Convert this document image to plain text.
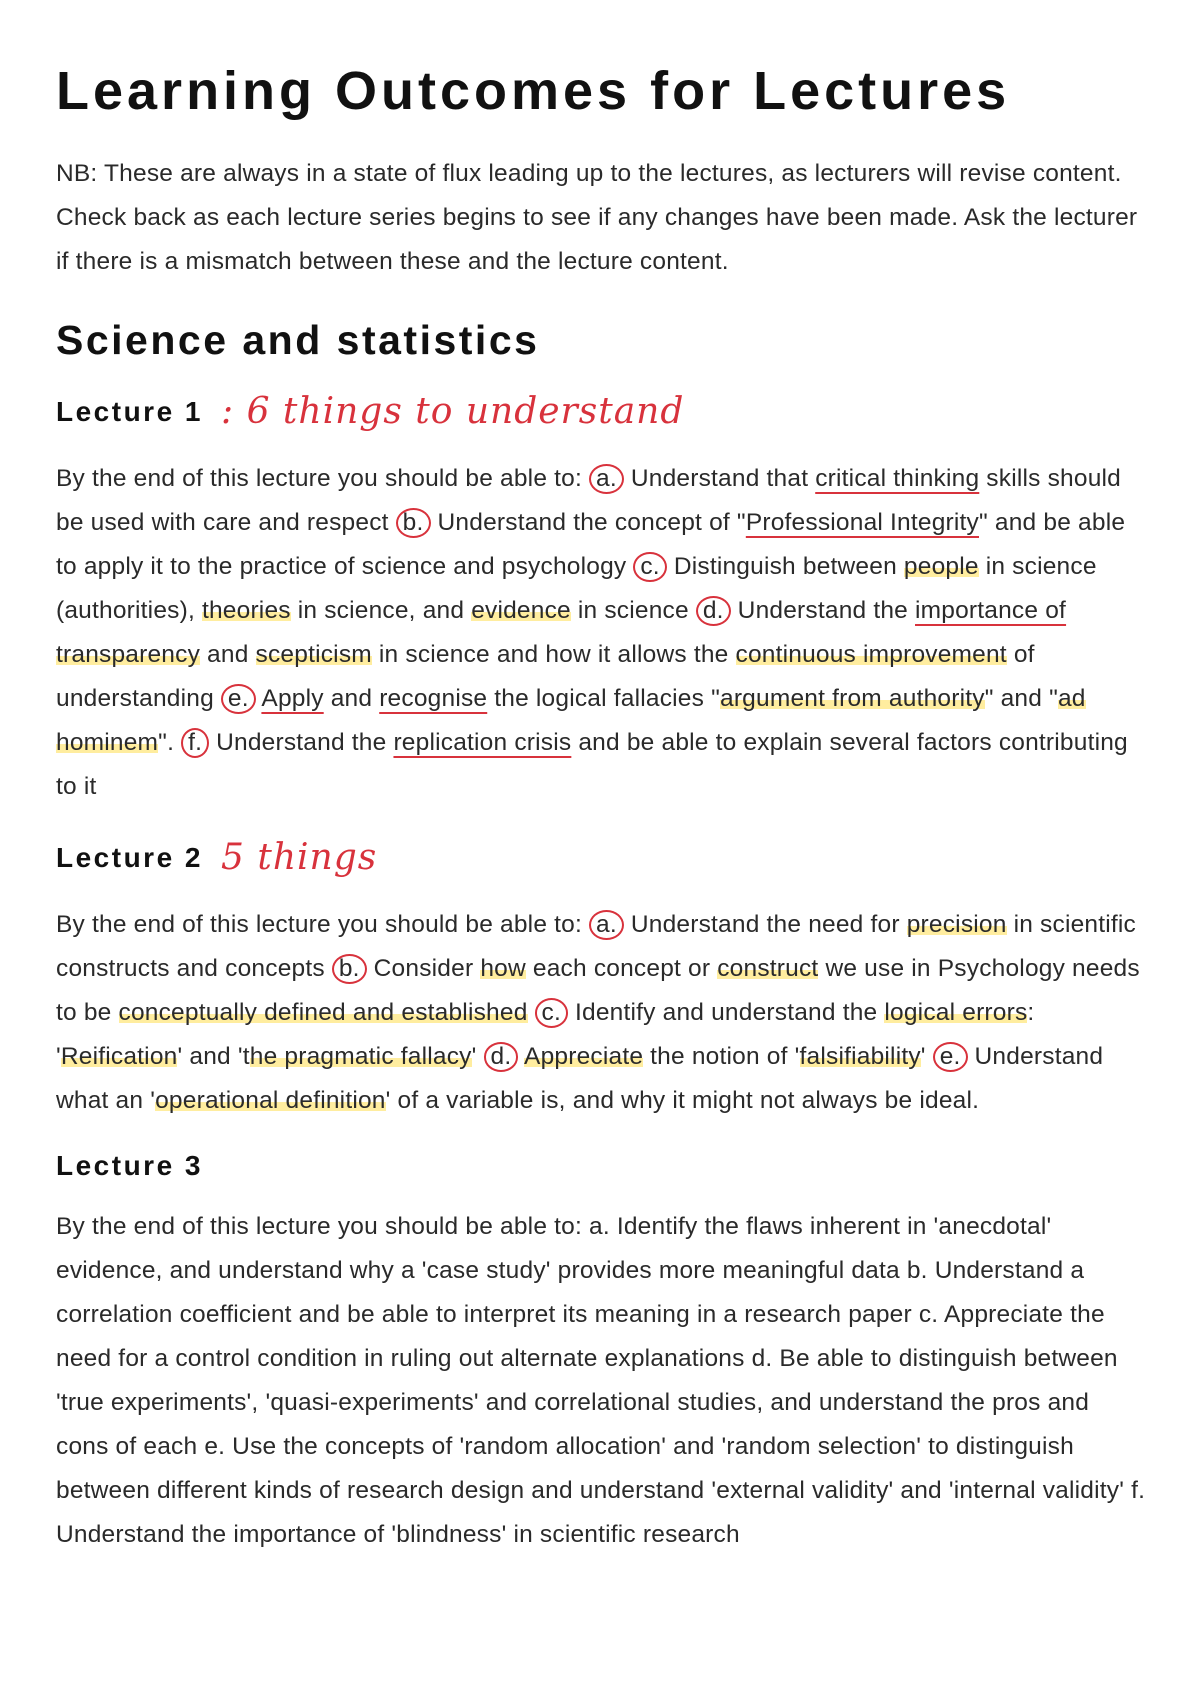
Learning Outcomes for Lectures

NB: These are always in a state of flux leading up to the lectures, as lecturers will revise content. Check back as each lecture series begins to see if any changes have been made. Ask the lecturer if there is a mismatch between these and the lecture content.

Science and statistics
Lecture 1 : 6 things to understand

By the end of this lecture you should be able to: a. Understand that critical thinking skills should be used with care and respect b. Understand the concept of "Professional Integrity" and be able to apply it to the practice of science and psychology c. Distinguish between people in science (authorities), theories in science, and evidence in science d. Understand the importance of transparency and scepticism in science and how it allows the continuous improvement of understanding e. Apply and recognise the logical fallacies "argument from authority" and "ad hominem". f. Understand the replication crisis and be able to explain several factors contributing to it

Lecture 2 5 things

By the end of this lecture you should be able to: a. Understand the need for precision in scientific constructs and concepts b. Consider how each concept or construct we use in Psychology needs to be conceptually defined and established c. Identify and understand the logical errors: 'Reification' and 'the pragmatic fallacy' d. Appreciate the notion of 'falsifiability' e. Understand what an 'operational definition' of a variable is, and why it might not always be ideal.

Lecture 3

By the end of this lecture you should be able to: a. Identify the flaws inherent in 'anecdotal' evidence, and understand why a 'case study' provides more meaningful data b. Understand a correlation coefficient and be able to interpret its meaning in a research paper c. Appreciate the need for a control condition in ruling out alternate explanations d. Be able to distinguish between 'true experiments', 'quasi-experiments' and correlational studies, and understand the pros and cons of each e. Use the concepts of 'random allocation' and 'random selection' to distinguish between different kinds of research design and understand 'external validity' and 'internal validity' f. Understand the importance of 'blindness' in scientific research
